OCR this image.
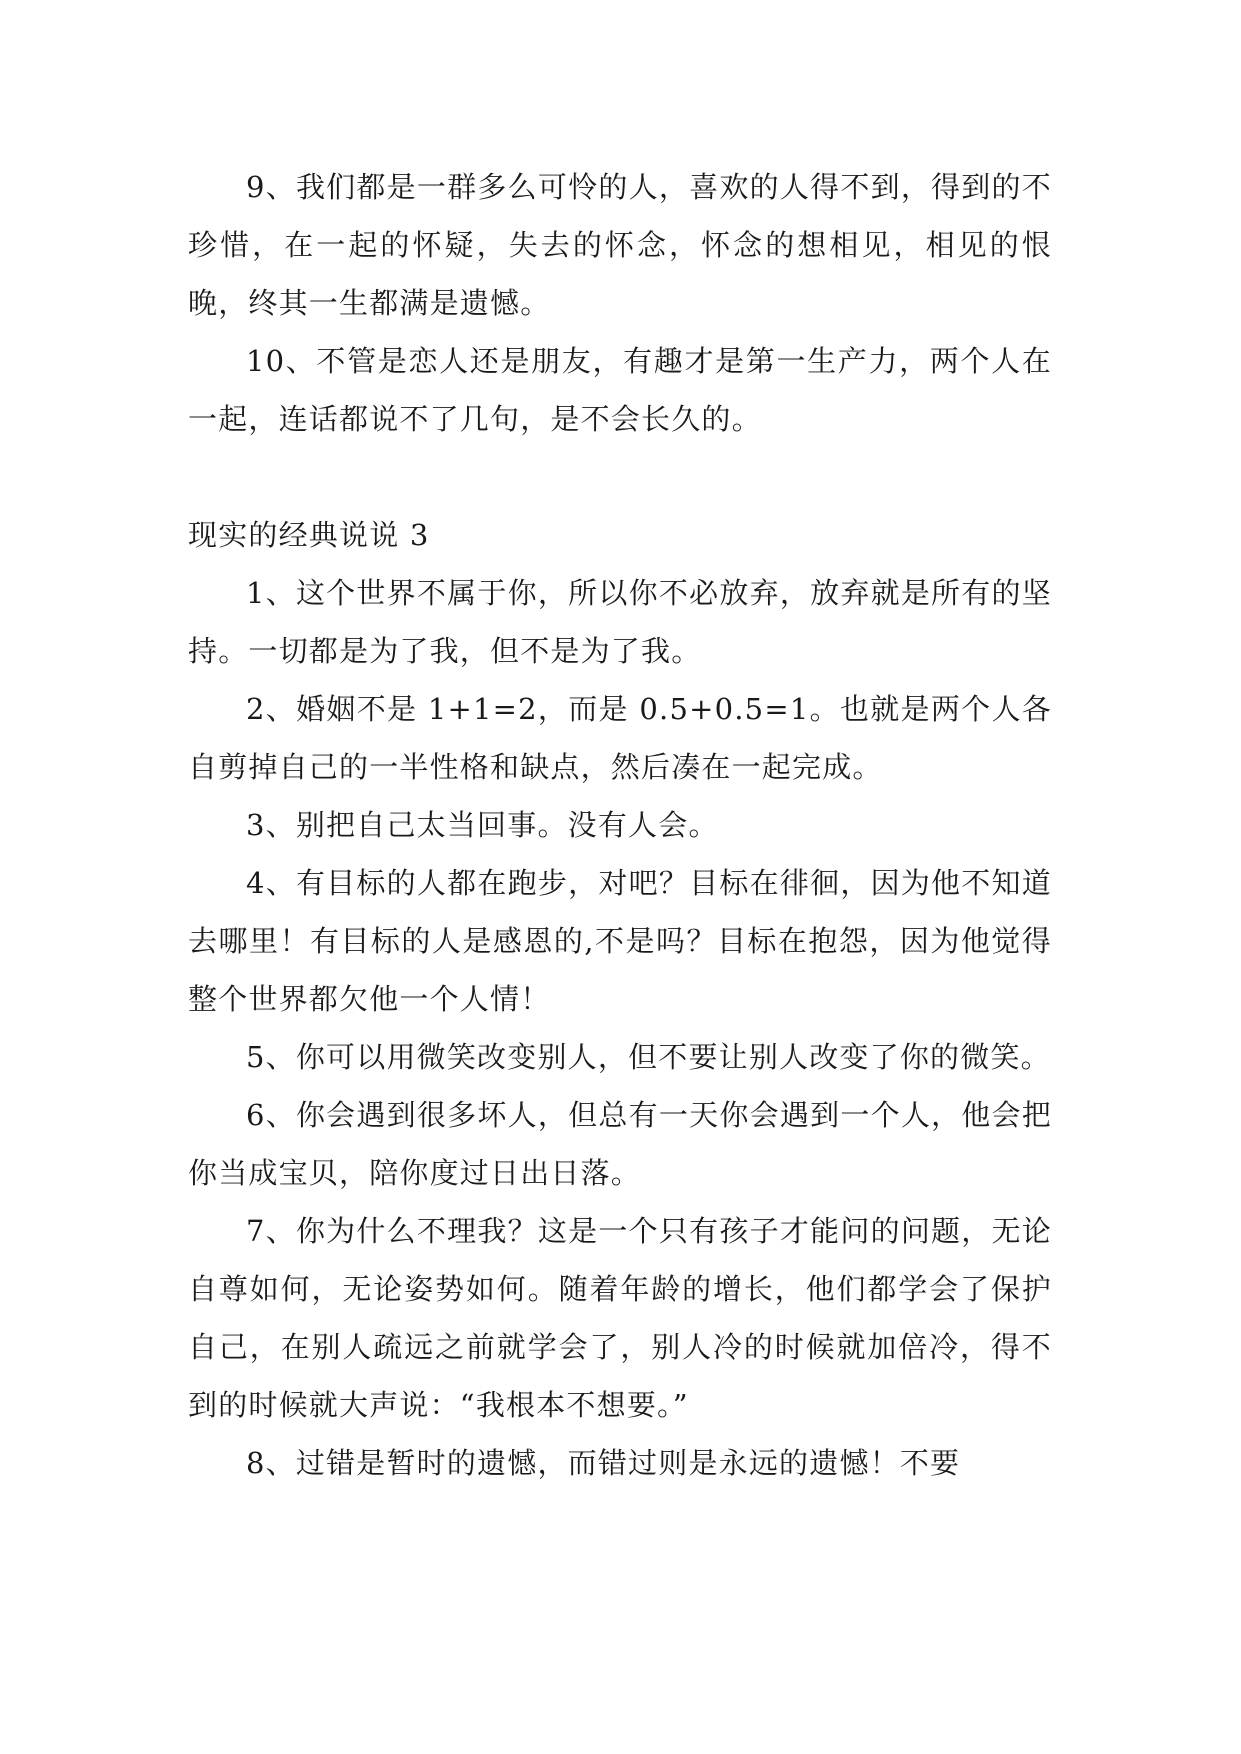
9、我们都是一群多么可怜的人，喜欢的人得不到，得到的不珍惜，在一起的怀疑，失去的怀念，怀念的想相见，相见的恨晚，终其一生都满是遗憾。

10、不管是恋人还是朋友，有趣才是第一生产力，两个人在一起，连话都说不了几句，是不会长久的。

现实的经典说说 3

1、这个世界不属于你，所以你不必放弃，放弃就是所有的坚持。一切都是为了我，但不是为了我。

2、婚姻不是 1+1=2，而是 0.5+0.5=1。也就是两个人各自剪掉自己的一半性格和缺点，然后凑在一起完成。

3、别把自己太当回事。没有人会。

4、有目标的人都在跑步，对吧？目标在徘徊，因为他不知道去哪里！有目标的人是感恩的,不是吗？目标在抱怨，因为他觉得整个世界都欠他一个人情！

5、你可以用微笑改变别人，但不要让别人改变了你的微笑。

6、你会遇到很多坏人，但总有一天你会遇到一个人，他会把你当成宝贝，陪你度过日出日落。

7、你为什么不理我？这是一个只有孩子才能问的问题，无论自尊如何，无论姿势如何。随着年龄的增长，他们都学会了保护自己，在别人疏远之前就学会了，别人冷的时候就加倍冷，得不到的时候就大声说：“我根本不想要。”

8、过错是暂时的遗憾，而错过则是永远的遗憾！不要
